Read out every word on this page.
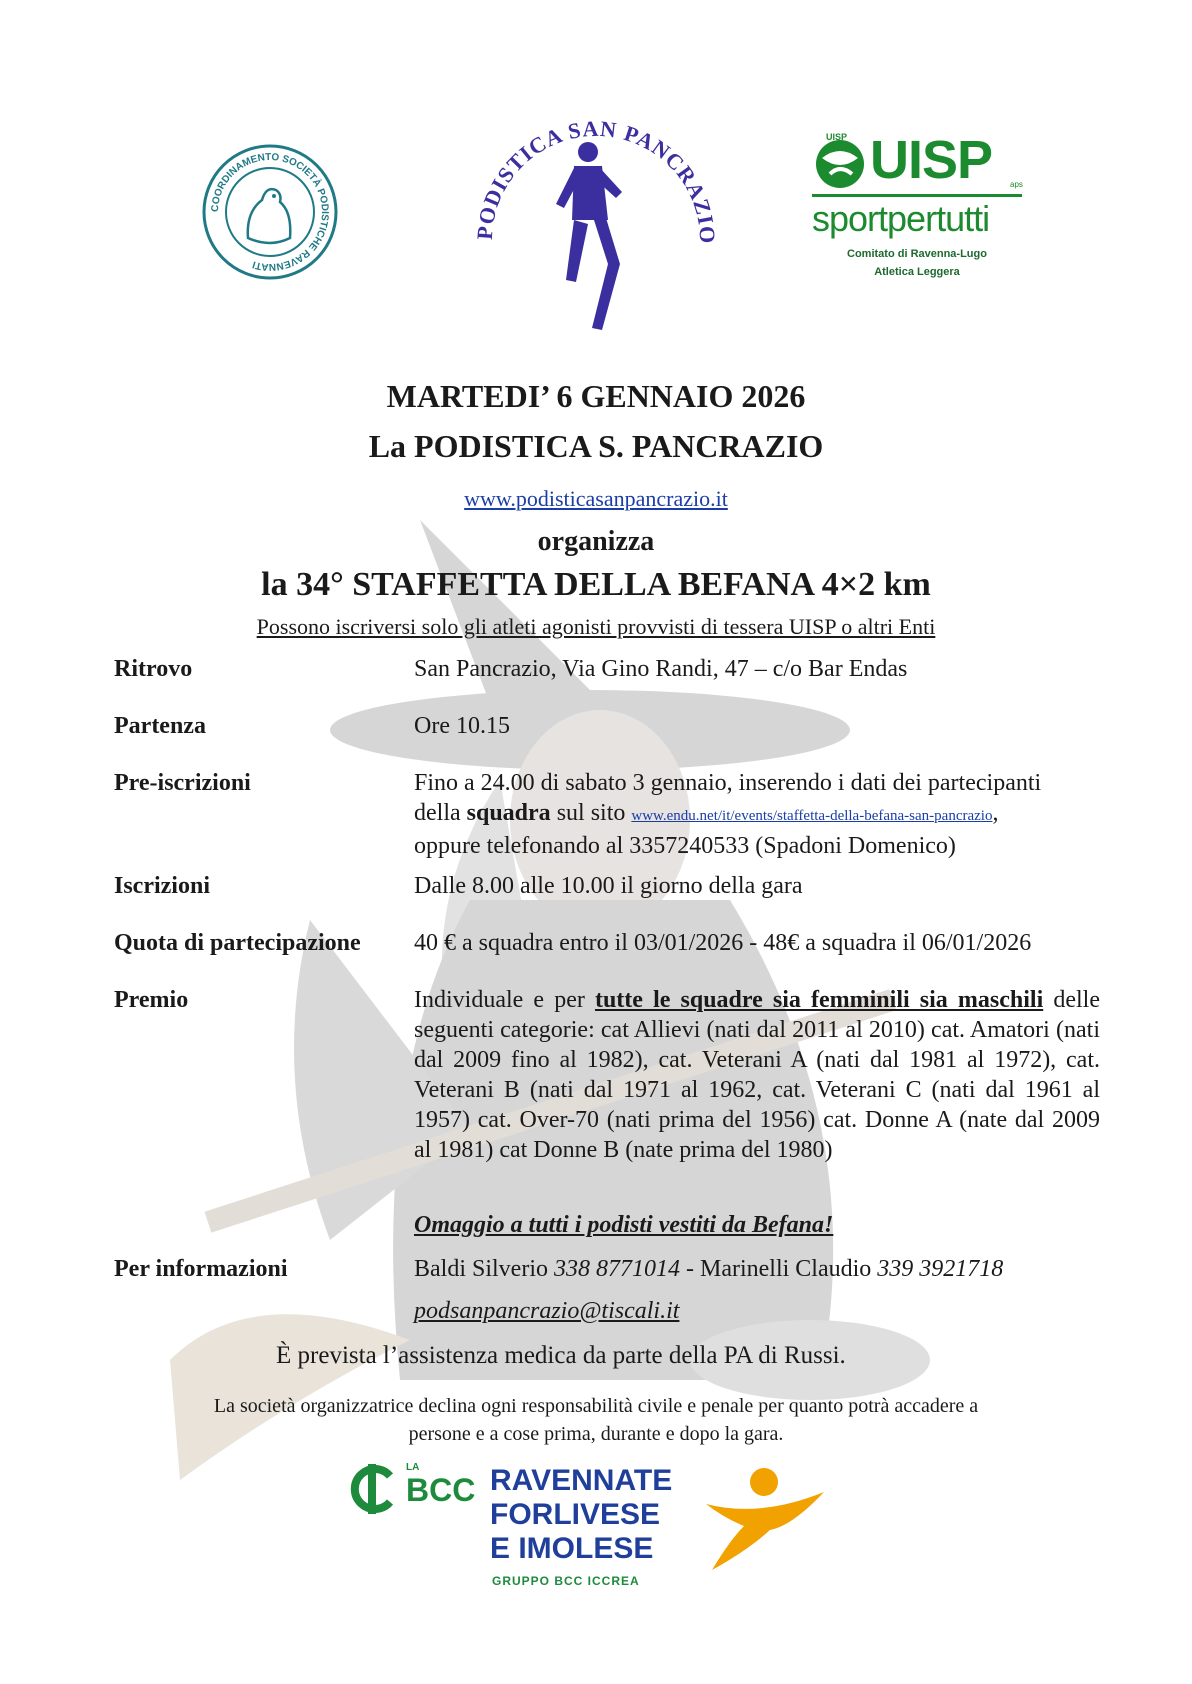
COORDINAMENTO SOCIETÀ PODISTICHE RAVENNATI
PODISTICA SAN PANCRAZIO
UISP UISP aps
sportpertutti
Comitato di Ravenna-Lugo
Atletica Leggera
MARTEDI’ 6 GENNAIO 2026
La PODISTICA S. PANCRAZIO
www.podisticasanpancrazio.it
organizza
la 34° STAFFETTA DELLA BEFANA 4×2 km
Possono iscriversi solo gli atleti agonisti provvisti di tessera UISP o altri Enti
Ritrovo	San Pancrazio, Via Gino Randi, 47 – c/o Bar Endas
Partenza	Ore 10.15
Pre-iscrizioni	Fino a 24.00 di sabato 3 gennaio, inserendo i dati dei partecipanti
della squadra sul sito www.endu.net/it/events/staffetta-della-befana-san-pancrazio,
oppure telefonando al 3357240533 (Spadoni Domenico)
Iscrizioni	Dalle 8.00 alle 10.00 il giorno della gara
Quota di partecipazione 40 € a squadra entro il 03/01/2026 - 48€ a squadra il 06/01/2026
Premio	Individuale e per tutte le squadre sia femminili sia maschili delle seguenti categorie: cat Allievi (nati dal 2011 al 2010) cat. Amatori (nati dal 2009 fino al 1982), cat. Veterani A (nati dal 1981 al 1972), cat. Veterani B (nati dal 1971 al 1962, cat. Veterani C (nati dal 1961 al 1957) cat. Over-70 (nati prima del 1956) cat. Donne A (nate dal 2009 al 1981) cat Donne B (nate prima del 1980)
Omaggio a tutti i podisti vestiti da Befana!
Per informazioni	Baldi Silverio 338 8771014 - Marinelli Claudio 339 3921718
podsanpancrazio@tiscali.it
È prevista l’assistenza medica da parte della PA di Russi.
La società organizzatrice declina ogni responsabilità civile e penale per quanto potrà accadere a
persone e a cose prima, durante e dopo la gara.
LA
BCC RAVENNATE
FORLIVESE
E IMOLESE
GRUPPO BCC ICCREA
